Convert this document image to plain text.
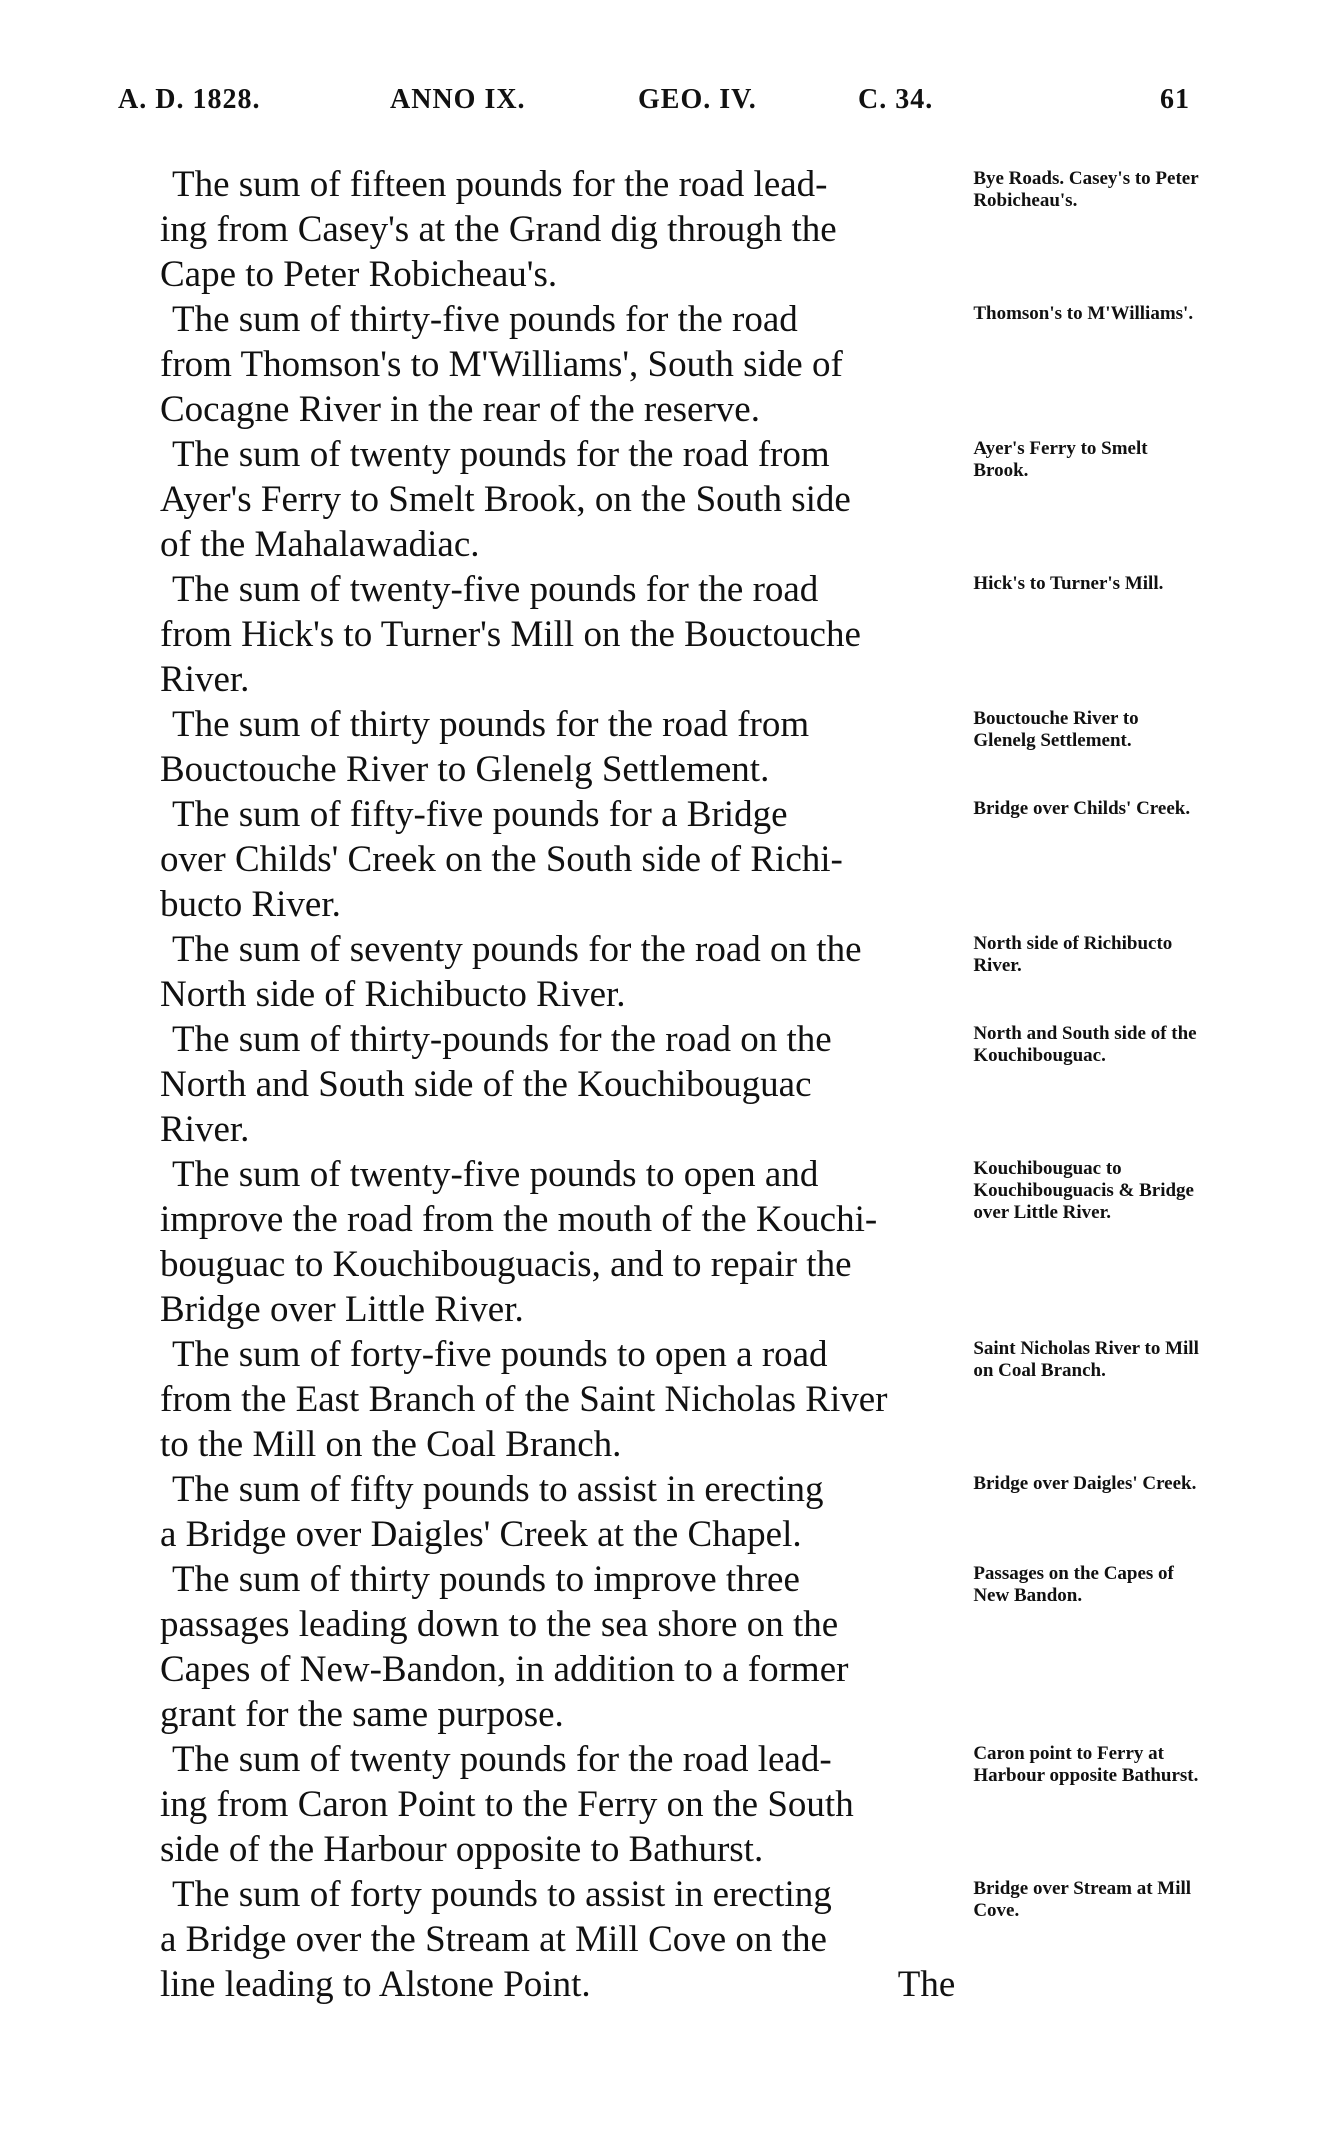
A. D. 1828.	ANNO IX.	GEO. IV.	C. 34.	61
The sum of fifteen pounds for the road lead-
ing from Casey's at the Grand dig through the
Cape to Peter Robicheau's.
Bye Roads. Casey's to Peter Robicheau's.
The sum of thirty-five pounds for the road
from Thomson's to M'Williams', South side of
Cocagne River in the rear of the reserve.
Thomson's to M'Williams'.
The sum of twenty pounds for the road from
Ayer's Ferry to Smelt Brook, on the South side
of the Mahalawadiac.
Ayer's Ferry to Smelt Brook.
The sum of twenty-five pounds for the road
from Hick's to Turner's Mill on the Bouctouche
River.
Hick's to Turner's Mill.
The sum of thirty pounds for the road from
Bouctouche River to Glenelg Settlement.
Bouctouche River to Glenelg Settlement.
The sum of fifty-five pounds for a Bridge
over Childs' Creek on the South side of Richi-
bucto River.
Bridge over Childs' Creek.
The sum of seventy pounds for the road on the
North side of Richibucto River.
North side of Richibucto River.
The sum of thirty-pounds for the road on the
North and South side of the Kouchibouguac
River.
North and South side of the Kouchibouguac.
The sum of twenty-five pounds to open and
improve the road from the mouth of the Kouchi-
bouguac to Kouchibouguacis, and to repair the
Bridge over Little River.
Kouchibouguac to Kouchibouguacis & Bridge over Little River.
The sum of forty-five pounds to open a road
from the East Branch of the Saint Nicholas River
to the Mill on the Coal Branch.
Saint Nicholas River to Mill on Coal Branch.
The sum of fifty pounds to assist in erecting
a Bridge over Daigles' Creek at the Chapel.
Bridge over Daigles' Creek.
The sum of thirty pounds to improve three
passages leading down to the sea shore on the
Capes of New-Bandon, in addition to a former
grant for the same purpose.
Passages on the Capes of New Bandon.
The sum of twenty pounds for the road lead-
ing from Caron Point to the Ferry on the South
side of the Harbour opposite to Bathurst.
Caron point to Ferry at Harbour opposite Bathurst.
The sum of forty pounds to assist in erecting
a Bridge over the Stream at Mill Cove on the
line leading to Alstone Point.	The
Bridge over Stream at Mill Cove.
